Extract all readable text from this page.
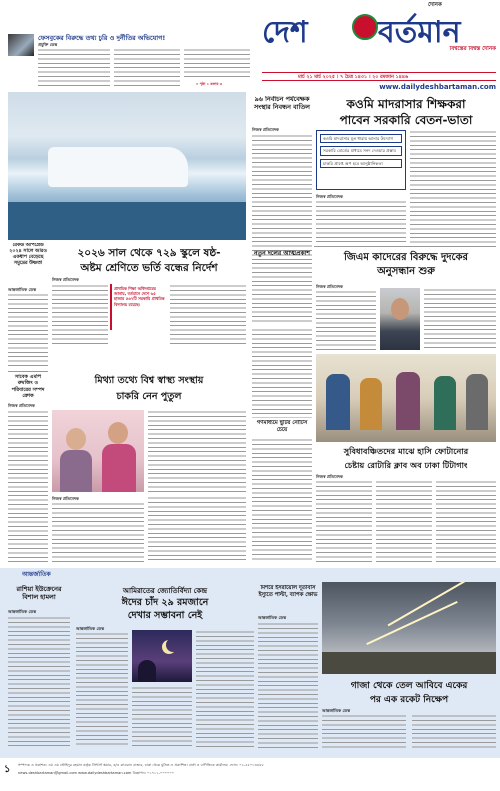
ফেসবুকের বিরুদ্ধে তথ্য চুরি ও দুর্নীতির অভিযোগ!
প্রযুক্তি ডেস্ক
» পৃষ্ঠা ২ কলাম ৩
দৈনিক
দেশ বর্তমান
বিশ্বস্তের বিশ্বস্ত দৈনিক
মার্চ ২১ মার্চ ২০২৫ । ৭ চৈত্র ১৪৩১ । ২০ রমজান ১৪৪৬
www.dailydeshbartaman.com
৯৬ নির্বাচন পর্যবেক্ষক সংস্থার নিবন্ধন বাতিল
নিজস্ব প্রতিবেদক
কওমি মাদরাসার শিক্ষকরা
পাবেন সরকারি বেতন-ভাতা
কওমি মাদরাসার মূল ধারায় আনার উদ্যোগ
সরকারি বোর্ডের মাধ্যমে সনদ দেওয়ার প্রস্তাব
চাকরি প্রাপ্তে অপ হবে আনুষ্ঠানিকতা
নিজস্ব প্রতিবেদক
রেকর্ড আপগ্রেড ২০২৪ সালে আরও একধাপ বেড়েছে সমুদ্রের উষ্ণতা
আন্তর্জাতিক ডেস্ক
২০২৬ সাল থেকে ৭২৯ স্কুলে ষষ্ঠ-
অষ্টম শ্রেণিতে ভর্তি বন্ধের নির্দেশ
নিজস্ব প্রতিবেদক
প্রাথমিক শিক্ষা অধিদপ্তরের জানায়, বর্তমানে দেশে ৬৫ হাজার ৫৬৭টি সরকারি প্রাথমিক বিদ্যালয় রয়েছে।
নতুন দলের আত্মপ্রকাশ	জিএম কাদেরের বিরুদ্ধে দুদকের
অনুসন্ধান শুরু
নিজস্ব প্রতিবেদক
সাবেক এমপি রুমজিং ও পরিবারের সম্পদ ক্রোক
নিজস্ব প্রতিবেদক
মিথ্যা তথ্যে বিশ্ব স্বাস্থ্য সংস্থায়
চাকরি নেন পুতুল
নিজস্ব প্রতিবেদক
গণমাধ্যমে ছুটির নোটিস চেয়ে
সুবিধাবঞ্চিতদের মাঝে হাসি ফোটানোর
চেষ্টায় রোটারি ক্লাব অব ঢাকা টিটাগাং
নিজস্ব প্রতিবেদক
আন্তর্জাতিক
রাশিয়া ইউক্রেনের বিশাল হামলা
আন্তর্জাতিক ডেস্ক
আমিরাতের জ্যোতির্বিদ্যা কেন্দ্র
ঈদের চাঁদ ২৯ রমজানে
দেখার সম্ভাবনা নেই
আন্তর্জাতিক ডেস্ক
মিশরে ইসরায়েলি দূতাবাস ইস্যুতে পাল্টা, ব্যাপক ক্ষোভ
আন্তর্জাতিক ডেস্ক
গাজা থেকে তেল আবিবে একের
পর এক রকেট নিক্ষেপ
আন্তর্জাতিক ডেস্ক
১	সম্পাদক ও প্রকাশক: এম এম তৌহিদুর রহমান কর্তৃক প্রিন্টার্স স্কয়ার, ৩/এ কাওরান বাজার, ঢাকা থেকে মুদ্রিত ও প্রকাশিত। বার্তা ও বাণিজ্যিক কার্যালয়: ফোন: ০২-৫৫০১৩৪৪৮
news.deshbartaman@gmail.com www.dailydeshbartaman.com বিজ্ঞাপন: ০১৭১১-০০০০০০
